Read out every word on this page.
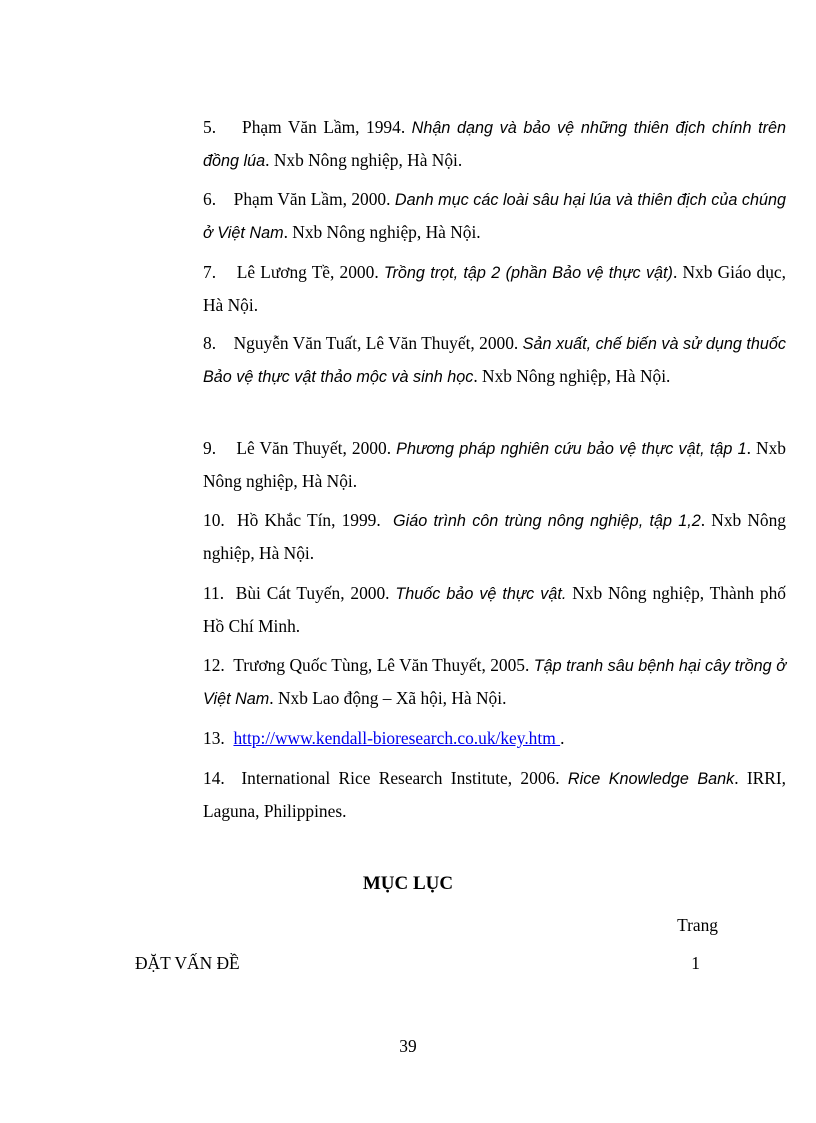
5. Phạm Văn Lầm, 1994. Nhận dạng và bảo vệ những thiên địch chính trên đồng lúa. Nxb Nông nghiệp, Hà Nội.
6. Phạm Văn Lầm, 2000. Danh mục các loài sâu hại lúa và thiên địch của chúng ở Việt Nam. Nxb Nông nghiệp, Hà Nội.
7. Lê Lương Tề, 2000. Trồng trọt, tập 2 (phần Bảo vệ thực vật). Nxb Giáo dục, Hà Nội.
8. Nguyễn Văn Tuất, Lê Văn Thuyết, 2000. Sản xuất, chế biến và sử dụng thuốc Bảo vệ thực vật thảo mộc và sinh học. Nxb Nông nghiệp, Hà Nội.
9. Lê Văn Thuyết, 2000. Phương pháp nghiên cứu bảo vệ thực vật, tập 1. Nxb Nông nghiệp, Hà Nội.
10. Hồ Khắc Tín, 1999. Giáo trình côn trùng nông nghiệp, tập 1,2. Nxb Nông nghiệp, Hà Nội.
11. Bùi Cát Tuyến, 2000. Thuốc bảo vệ thực vật. Nxb Nông nghiệp, Thành phố Hồ Chí Minh.
12. Trương Quốc Tùng, Lê Văn Thuyết, 2005. Tập tranh sâu bệnh hại cây trồng ở Việt Nam. Nxb Lao động – Xã hội, Hà Nội.
13. http://www.kendall-bioresearch.co.uk/key.htm .
14. International Rice Research Institute, 2006. Rice Knowledge Bank. IRRI, Laguna, Philippines.
MỤC LỤC
Trang
ĐẶT VẤN ĐỀ	1
39
